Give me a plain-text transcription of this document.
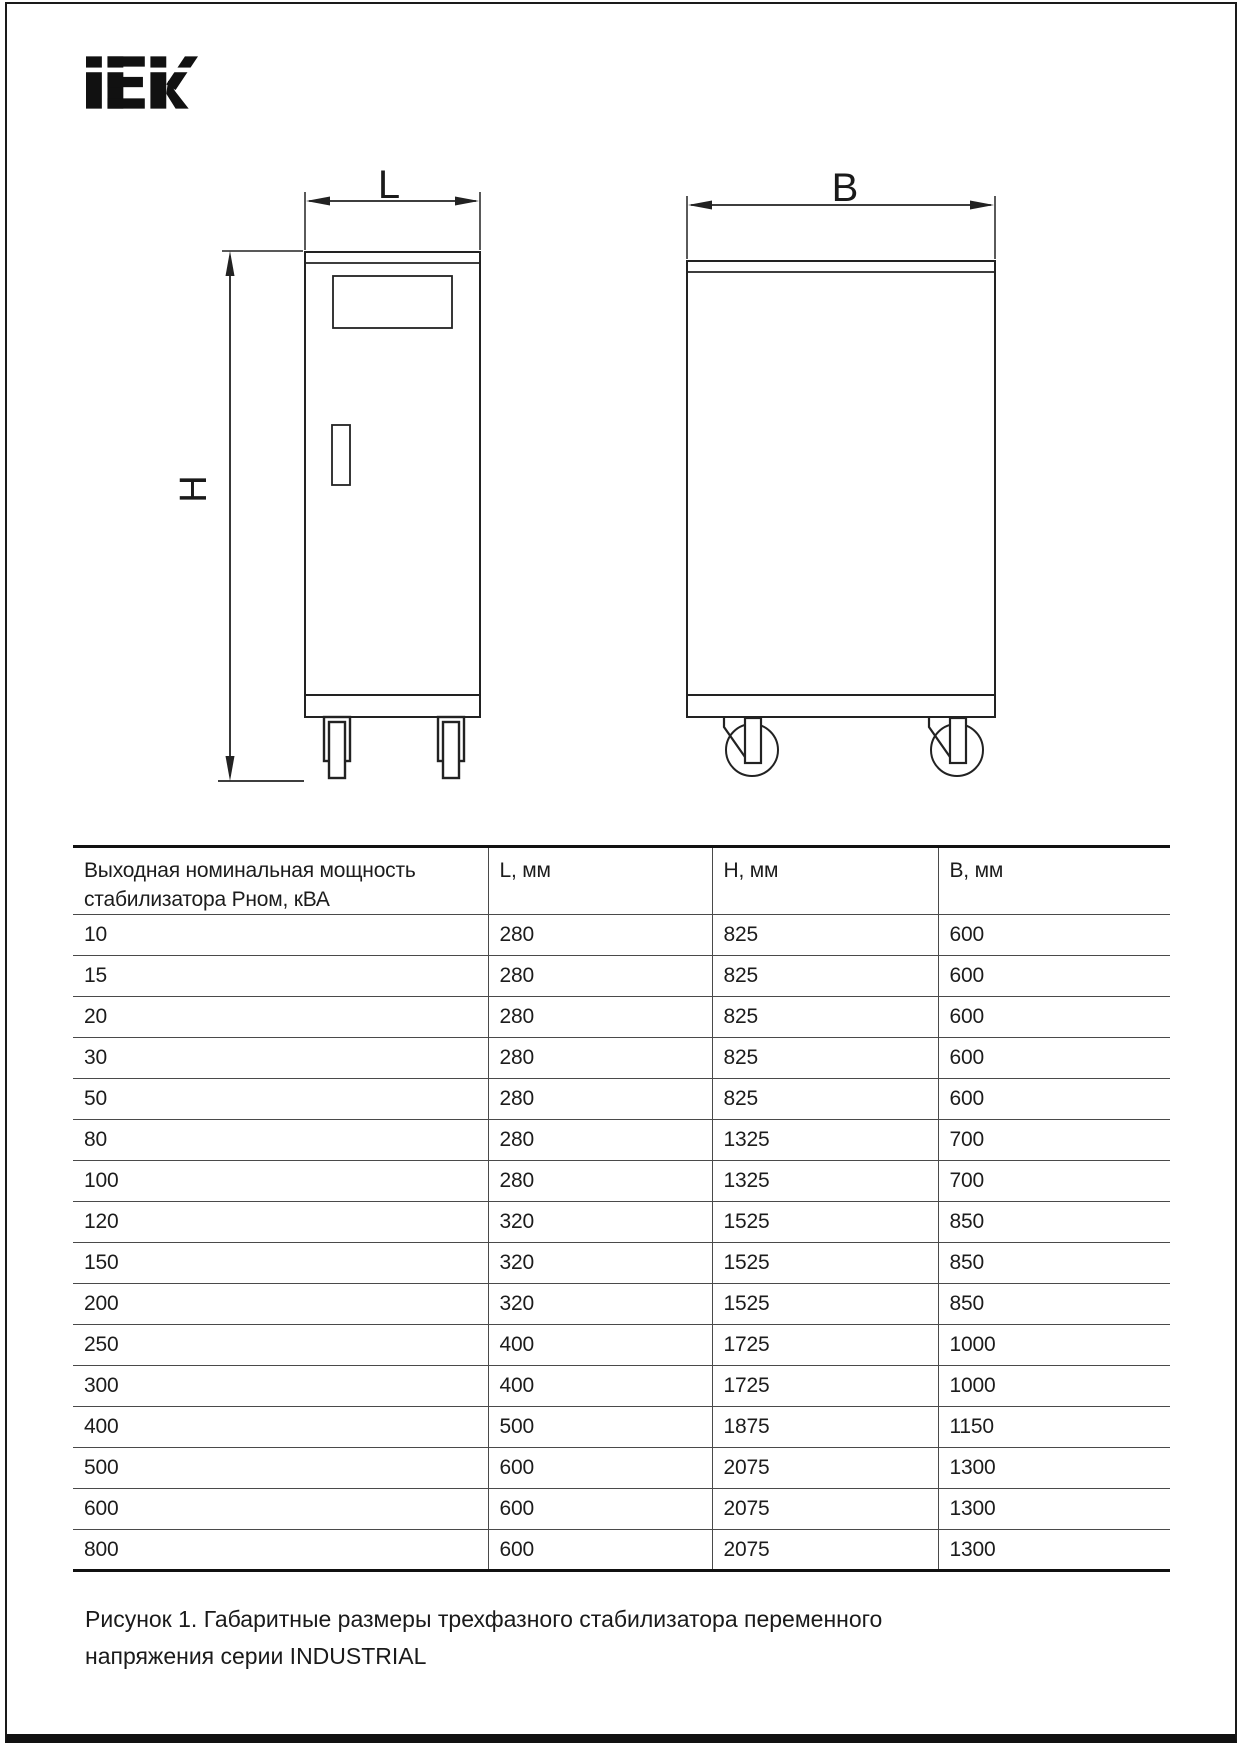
L
H
B
Выходная номинальная мощность
стабилизатора Рном, кВА	L, мм	H, мм	B, мм
10	280	825	600
15	280	825	600
20	280	825	600
30	280	825	600
50	280	825	600
80	280	1325	700
100	280	1325	700
120	320	1525	850
150	320	1525	850
200	320	1525	850
250	400	1725	1000
300	400	1725	1000
400	500	1875	1150
500	600	2075	1300
600	600	2075	1300
800	600	2075	1300
Рисунок 1. Габаритные размеры трехфазного стабилизатора переменного
напряжения серии INDUSTRIAL
